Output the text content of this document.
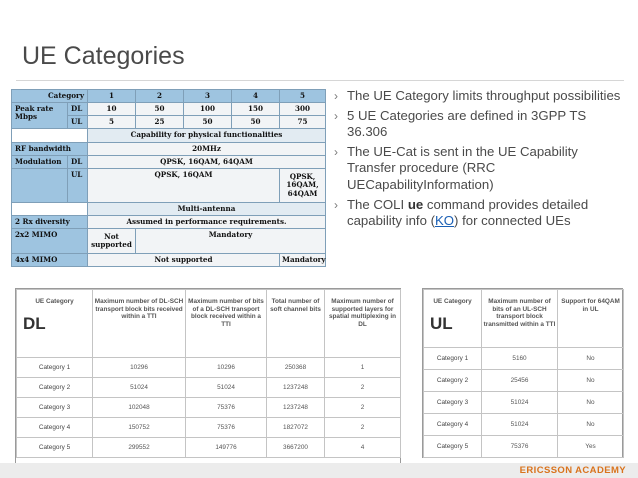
UE Categories
Category		1	2	3	4	5
Peak rate Mbps	DL	10	50	100	150	300
	UL	5	25	50	50	75
		Capability for physical functionalities				
RF bandwidth		20MHz				
Modulation	DL	QPSK, 16QAM, 64QAM				
	UL	QPSK, 16QAM				QPSK, 16QAM, 64QAM
		Multi-antenna				
2 Rx diversity		Assumed in performance requirements.				
2x2 MIMO		Not supported	Mandatory			
4x4 MIMO		Not supported				Mandatory
› The UE Category limits throughput possibilities
› 5 UE Categories are defined in 3GPP TS 36.306
› The UE-Cat is sent in the UE Capability Transfer procedure (RRC UECapabilityInformation)
› The COLI ue command provides detailed capability info (KO) for connected UEs
UE Category
DL	Maximum number of DL-SCH transport block bits received within a TTI	Maximum number of bits of a DL-SCH transport block received within a TTI	Total number of soft channel bits	Maximum number of supported layers for spatial multiplexing in DL
Category 1	10296	10296	250368	1
Category 2	51024	51024	1237248	2
Category 3	102048	75376	1237248	2
Category 4	150752	75376	1827072	2
Category 5	299552	149776	3667200	4
UE Category
UL	Maximum number of bits of an UL-SCH transport block transmitted within a TTI	Support for 64QAM in UL
Category 1	5160	No
Category 2	25456	No
Category 3	51024	No
Category 4	51024	No
Category 5	75376	Yes
ERICSSON ACADEMY
